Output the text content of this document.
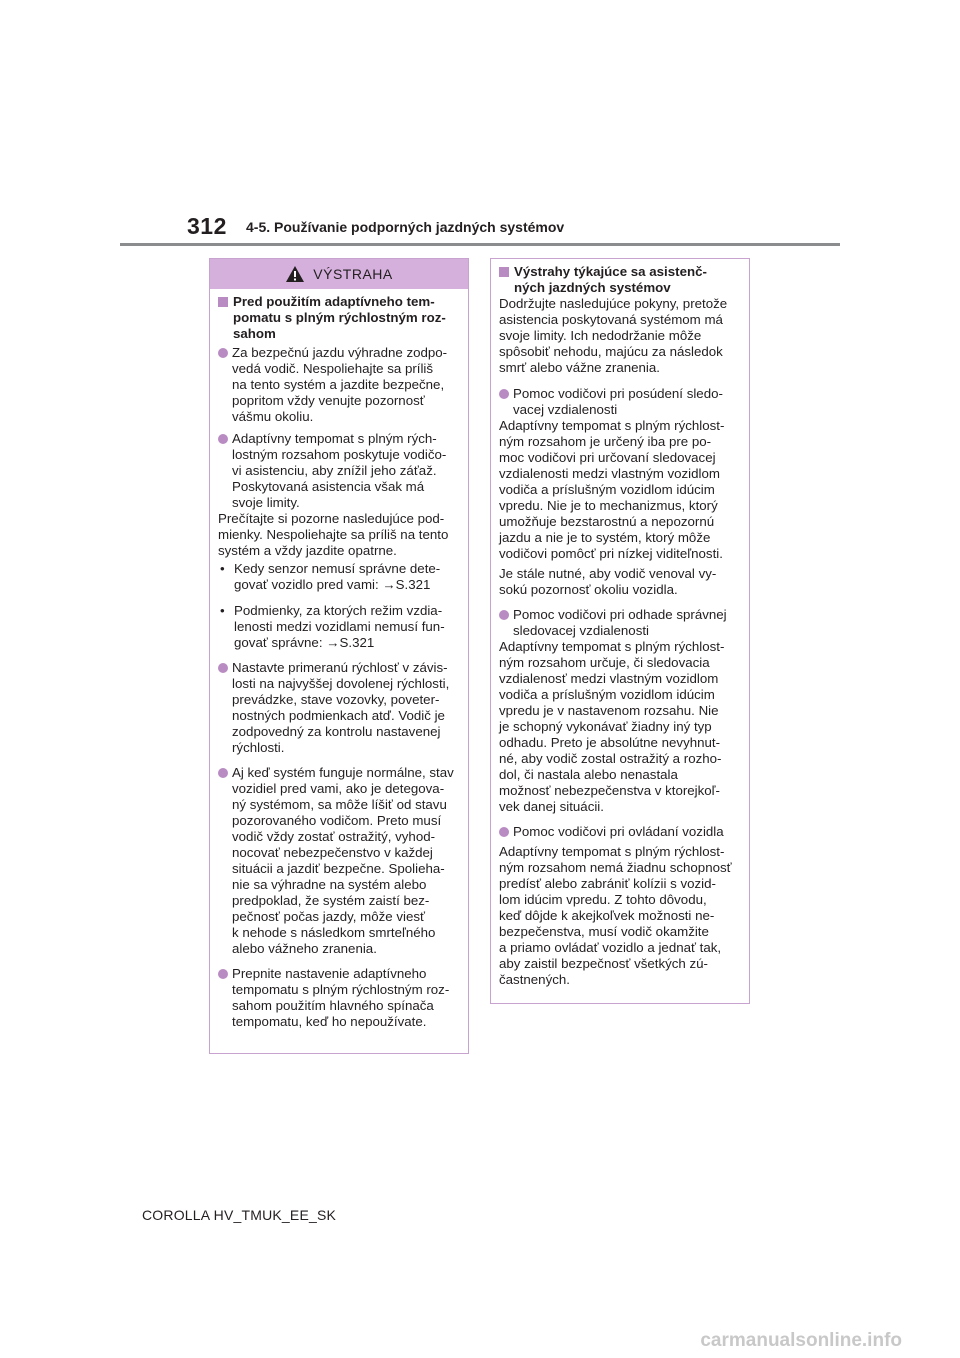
312 4-5. Používanie podporných jazdných systémov
VÝSTRAHA
Pred použitím adaptívneho tem-
pomatu s plným rýchlostným roz-
sahom
Za bezpečnú jazdu výhradne zodpo-
vedá vodič. Nespoliehajte sa príliš
na tento systém a jazdite bezpečne,
popritom vždy venujte pozornosť
vášmu okoliu.
Adaptívny tempomat s plným rých-
lostným rozsahom poskytuje vodičo-
vi asistenciu, aby znížil jeho záťaž.
Poskytovaná asistencia však má
svoje limity.
Prečítajte si pozorne nasledujúce pod-
mienky. Nespoliehajte sa príliš na tento
systém a vždy jazdite opatrne.
• Kedy senzor nemusí správne dete-
govať vozidlo pred vami: →S.321
• Podmienky, za ktorých režim vzdia-
lenosti medzi vozidlami nemusí fun-
govať správne: →S.321
Nastavte primeranú rýchlosť v závis-
losti na najvyššej dovolenej rýchlosti,
prevádzke, stave vozovky, poveter-
nostných podmienkach atď. Vodič je
zodpovedný za kontrolu nastavenej
rýchlosti.
Aj keď systém funguje normálne, stav
vozidiel pred vami, ako je detegova-
ný systémom, sa môže líšiť od stavu
pozorovaného vodičom. Preto musí
vodič vždy zostať ostražitý, vyhod-
nocovať nebezpečenstvo v každej
situácii a jazdiť bezpečne. Spolieha-
nie sa výhradne na systém alebo
predpoklad, že systém zaistí bez-
pečnosť počas jazdy, môže viesť
k nehode s následkom smrteľného
alebo vážneho zranenia.
Prepnite nastavenie adaptívneho
tempomatu s plným rýchlostným roz-
sahom použitím hlavného spínača
tempomatu, keď ho nepoužívate.
Výstrahy týkajúce sa asistenč-
ných jazdných systémov
Dodržujte nasledujúce pokyny, pretože
asistencia poskytovaná systémom má
svoje limity. Ich nedodržanie môže
spôsobiť nehodu, majúcu za následok
smrť alebo vážne zranenia.
Pomoc vodičovi pri posúdení sledo-
vacej vzdialenosti
Adaptívny tempomat s plným rýchlost-
ným rozsahom je určený iba pre po-
moc vodičovi pri určovaní sledovacej
vzdialenosti medzi vlastným vozidlom
vodiča a príslušným vozidlom idúcim
vpredu. Nie je to mechanizmus, ktorý
umožňuje bezstarostnú a nepozornú
jazdu a nie je to systém, ktorý môže
vodičovi pomôcť pri nízkej viditeľnosti.
Je stále nutné, aby vodič venoval vy-
sokú pozornosť okoliu vozidla.
Pomoc vodičovi pri odhade správnej
sledovacej vzdialenosti
Adaptívny tempomat s plným rýchlost-
ným rozsahom určuje, či sledovacia
vzdialenosť medzi vlastným vozidlom
vodiča a príslušným vozidlom idúcim
vpredu je v nastavenom rozsahu. Nie
je schopný vykonávať žiadny iný typ
odhadu. Preto je absolútne nevyhnut-
né, aby vodič zostal ostražitý a rozho-
dol, či nastala alebo nenastala
možnosť nebezpečenstva v ktorejkoľ-
vek danej situácii.
Pomoc vodičovi pri ovládaní vozidla
Adaptívny tempomat s plným rýchlost-
ným rozsahom nemá žiadnu schopnosť
predísť alebo zabrániť kolízii s vozid-
lom idúcim vpredu. Z tohto dôvodu,
keď dôjde k akejkoľvek možnosti ne-
bezpečenstva, musí vodič okamžite
a priamo ovládať vozidlo a jednať tak,
aby zaistil bezpečnosť všetkých zú-
častnených.
COROLLA HV_TMUK_EE_SK
carmanualsonline.info
